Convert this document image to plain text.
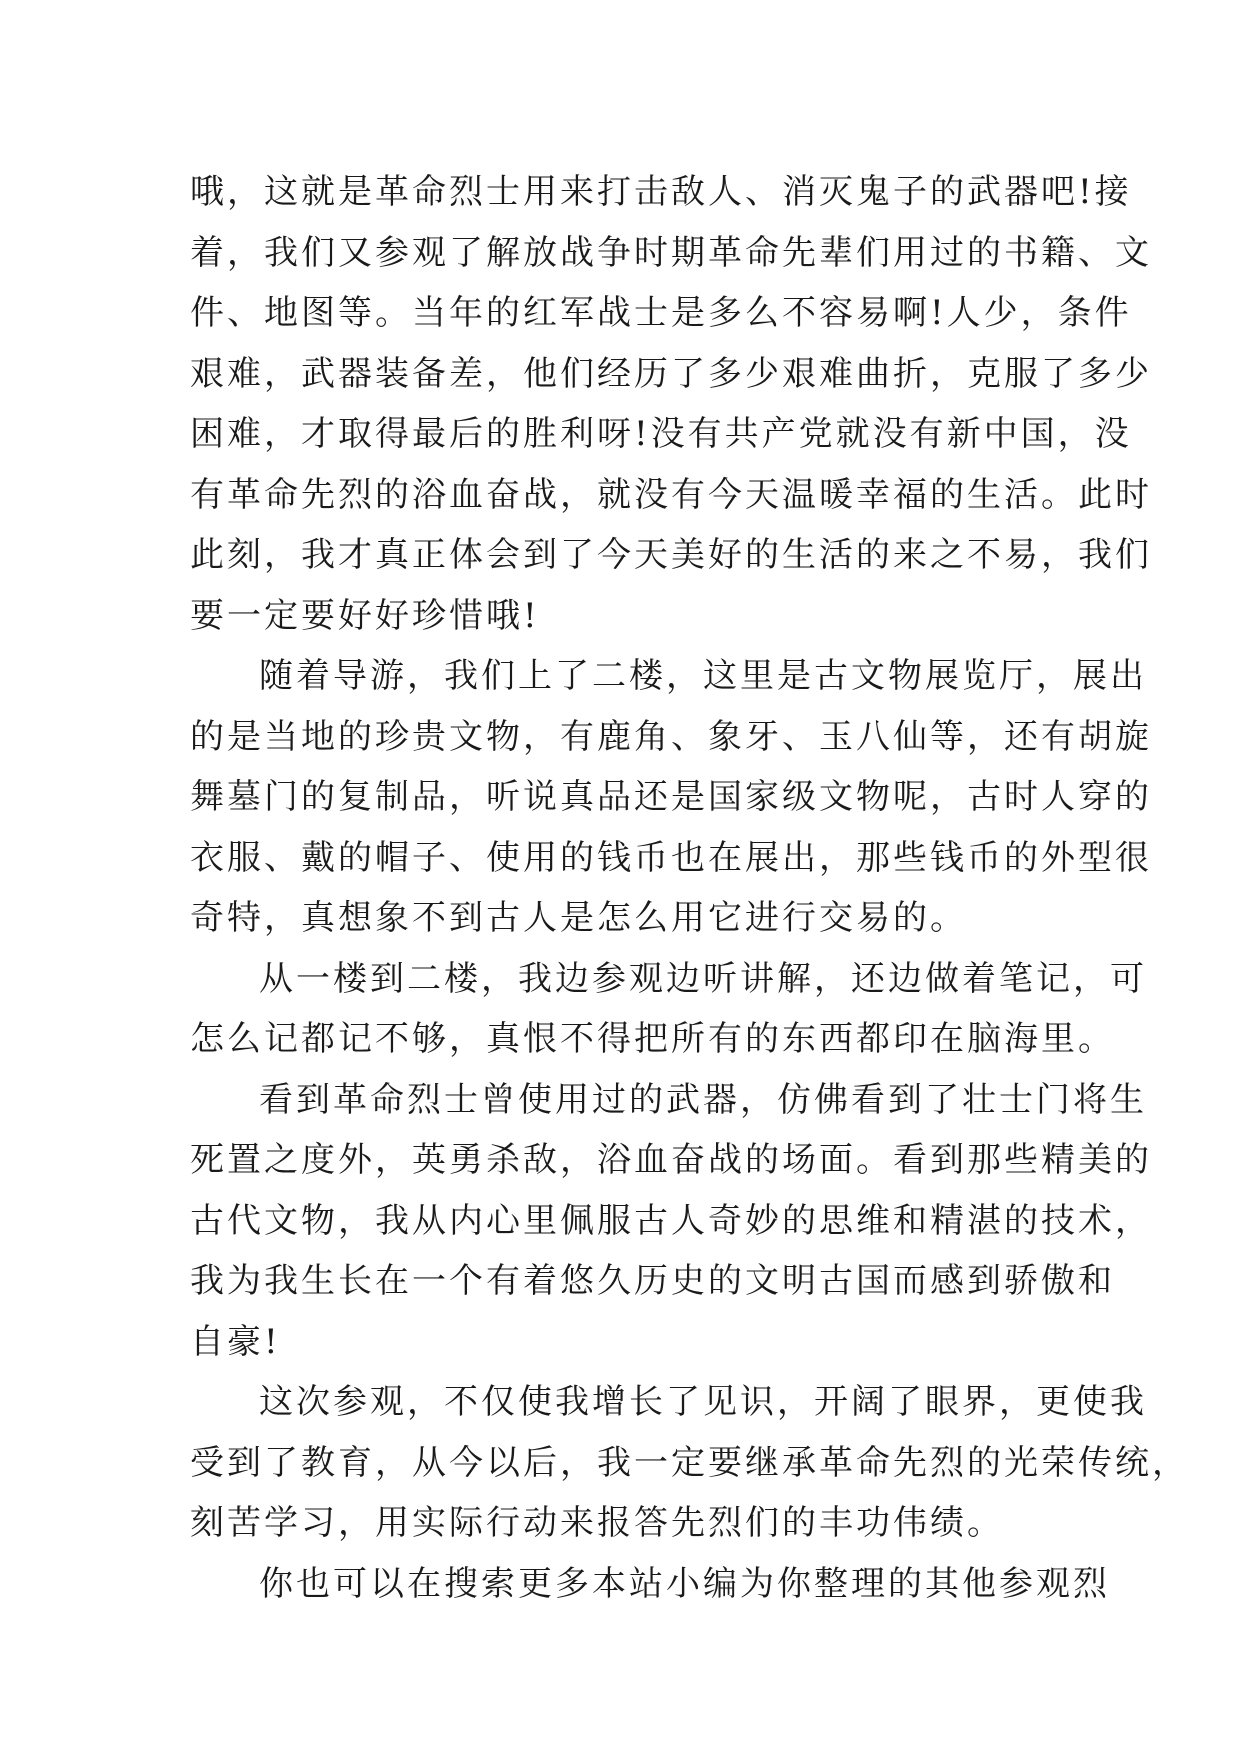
哦，这就是革命烈士用来打击敌人、消灭鬼子的武器吧!接
着，我们又参观了解放战争时期革命先辈们用过的书籍、文
件、地图等。当年的红军战士是多么不容易啊!人少，条件
艰难，武器装备差，他们经历了多少艰难曲折，克服了多少
困难，才取得最后的胜利呀!没有共产党就没有新中国，没
有革命先烈的浴血奋战，就没有今天温暖幸福的生活。此时
此刻，我才真正体会到了今天美好的生活的来之不易，我们
要一定要好好珍惜哦!
随着导游，我们上了二楼，这里是古文物展览厅，展出
的是当地的珍贵文物，有鹿角、象牙、玉八仙等，还有胡旋
舞墓门的复制品，听说真品还是国家级文物呢，古时人穿的
衣服、戴的帽子、使用的钱币也在展出，那些钱币的外型很
奇特，真想象不到古人是怎么用它进行交易的。
从一楼到二楼，我边参观边听讲解，还边做着笔记，可
怎么记都记不够，真恨不得把所有的东西都印在脑海里。
看到革命烈士曾使用过的武器，仿佛看到了壮士门将生
死置之度外，英勇杀敌，浴血奋战的场面。看到那些精美的
古代文物，我从内心里佩服古人奇妙的思维和精湛的技术，
我为我生长在一个有着悠久历史的文明古国而感到骄傲和
自豪!
这次参观，不仅使我增长了见识，开阔了眼界，更使我
受到了教育，从今以后，我一定要继承革命先烈的光荣传统，
刻苦学习，用实际行动来报答先烈们的丰功伟绩。
你也可以在搜索更多本站小编为你整理的其他参观烈
